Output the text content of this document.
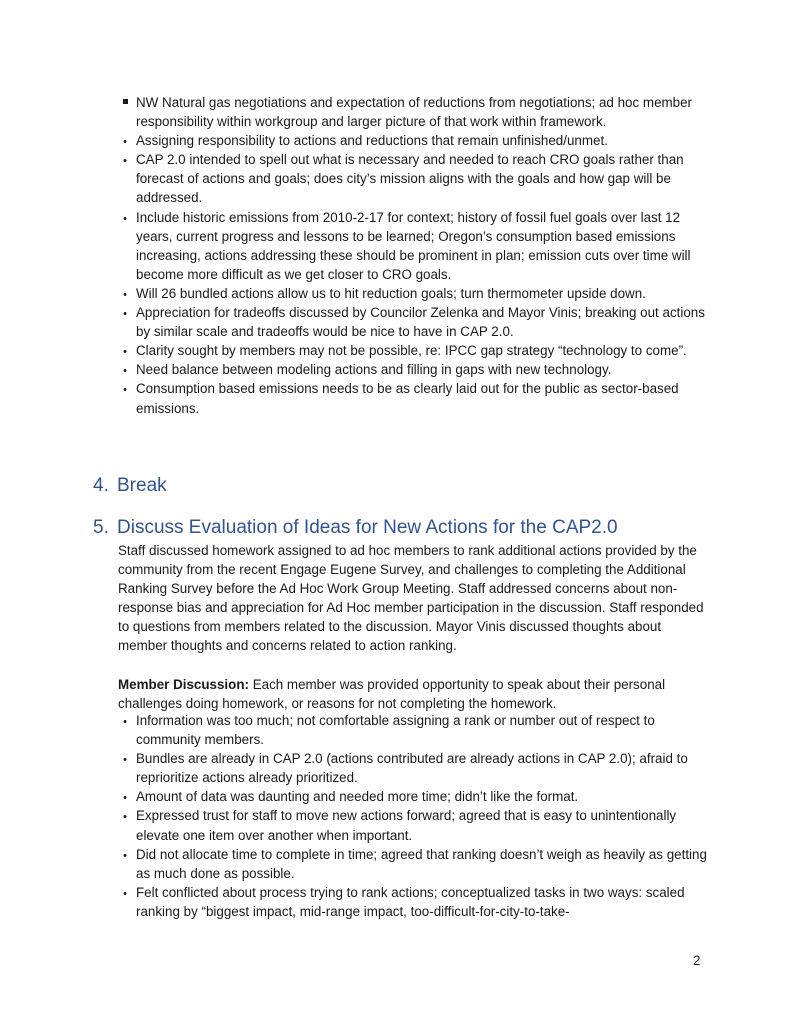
NW Natural gas negotiations and expectation of reductions from negotiations; ad hoc member responsibility within workgroup and larger picture of that work within framework.
•
Assigning responsibility to actions and reductions that remain unfinished/unmet.
•
CAP 2.0 intended to spell out what is necessary and needed to reach CRO goals rather than forecast of actions and goals; does city’s mission aligns with the goals and how gap will be addressed.
•
Include historic emissions from 2010-2-17 for context; history of fossil fuel goals over last 12 years, current progress and lessons to be learned; Oregon’s consumption based emissions increasing, actions addressing these should be prominent in plan; emission cuts over time will become more difficult as we get closer to CRO goals.
•
Will 26 bundled actions allow us to hit reduction goals; turn thermometer upside down.
•
Appreciation for tradeoffs discussed by Councilor Zelenka and Mayor Vinis; breaking out actions by similar scale and tradeoffs would be nice to have in CAP 2.0.
•
Clarity sought by members may not be possible, re: IPCC gap strategy “technology to come”.
•
Need balance between modeling actions and filling in gaps with new technology.
•
Consumption based emissions needs to be as clearly laid out for the public as sector-based emissions.
4. Break
5. Discuss Evaluation of Ideas for New Actions for the CAP2.0

Staff discussed homework assigned to ad hoc members to rank additional actions provided by the community from the recent Engage Eugene Survey, and challenges to completing the Additional Ranking Survey before the Ad Hoc Work Group Meeting. Staff addressed concerns about non-response bias and appreciation for Ad Hoc member participation in the discussion. Staff responded to questions from members related to the discussion. Mayor Vinis discussed thoughts about member thoughts and concerns related to action ranking.

Member Discussion: Each member was provided opportunity to speak about their personal challenges doing homework, or reasons for not completing the homework.

•
Information was too much; not comfortable assigning a rank or number out of respect to community members.
•
Bundles are already in CAP 2.0 (actions contributed are already actions in CAP 2.0); afraid to reprioritize actions already prioritized.
•
Amount of data was daunting and needed more time; didn’t like the format.
•
Expressed trust for staff to move new actions forward; agreed that is easy to unintentionally elevate one item over another when important.
•
Did not allocate time to complete in time; agreed that ranking doesn’t weigh as heavily as getting as much done as possible.
•
Felt conflicted about process trying to rank actions; conceptualized tasks in two ways: scaled ranking by “biggest impact, mid-range impact, too-difficult-for-city-to-take-
2
